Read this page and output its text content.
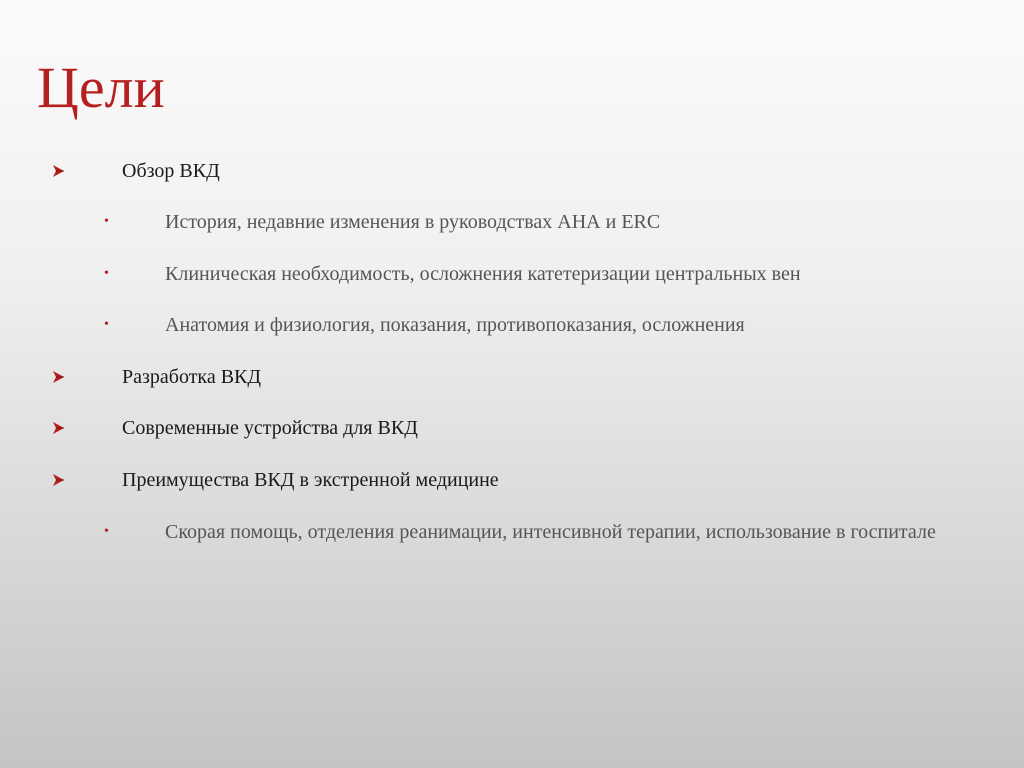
Цели
Обзор ВКД
•	История, недавние изменения в руководствах АНА и ERC
•	Клиническая необходимость, осложнения катетеризации центральных вен
•	Анатомия и физиология, показания, противопоказания, осложнения
Разработка ВКД
Современные устройства для ВКД
Преимущества ВКД в экстренной медицине
•	Скорая помощь, отделения реанимации, интенсивной терапии, использование в госпитале
